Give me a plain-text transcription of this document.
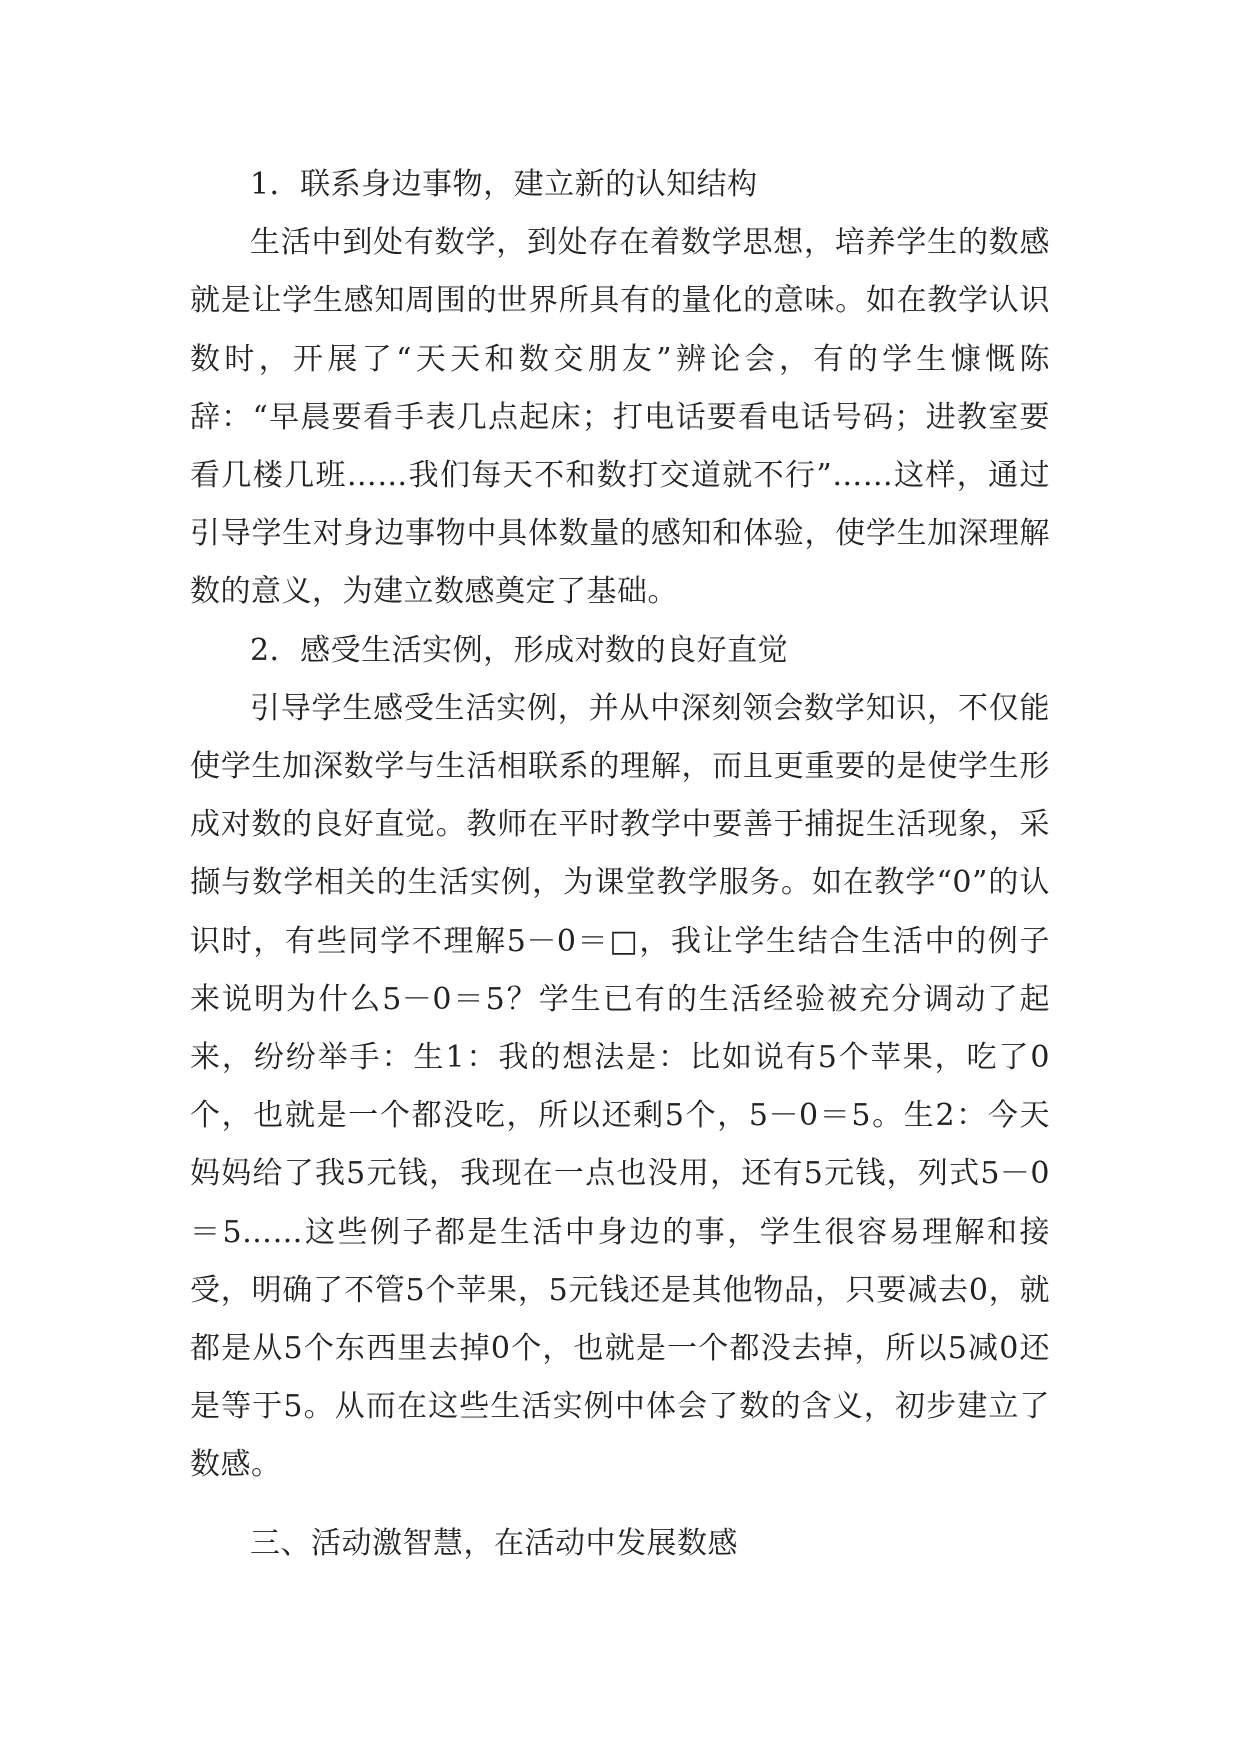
1．联系身边事物，建立新的认知结构

生活中到处有数学，到处存在着数学思想，培养学生的数感就是让学生感知周围的世界所具有的量化的意味。如在教学认识数时，开展了“天天和数交朋友”辨论会，有的学生慷慨陈辞：“早晨要看手表几点起床；打电话要看电话号码；进教室要看几楼几班……我们每天不和数打交道就不行”……这样，通过引导学生对身边事物中具体数量的感知和体验，使学生加深理解数的意义，为建立数感奠定了基础。

2．感受生活实例，形成对数的良好直觉

引导学生感受生活实例，并从中深刻领会数学知识，不仅能使学生加深数学与生活相联系的理解，而且更重要的是使学生形成对数的良好直觉。教师在平时教学中要善于捕捉生活现象，采撷与数学相关的生活实例，为课堂教学服务。如在教学“0”的认识时，有些同学不理解5－0＝□，我让学生结合生活中的例子来说明为什么5－0＝5？学生已有的生活经验被充分调动了起来，纷纷举手：生1：我的想法是：比如说有5个苹果，吃了0个，也就是一个都没吃，所以还剩5个，5－0＝5。生2：今天妈妈给了我5元钱，我现在一点也没用，还有5元钱，列式5－0＝5……这些例子都是生活中身边的事，学生很容易理解和接受，明确了不管5个苹果，5元钱还是其他物品，只要减去0，就都是从5个东西里去掉0个，也就是一个都没去掉，所以5减0还是等于5。从而在这些生活实例中体会了数的含义，初步建立了数感。

三、活动激智慧，在活动中发展数感
